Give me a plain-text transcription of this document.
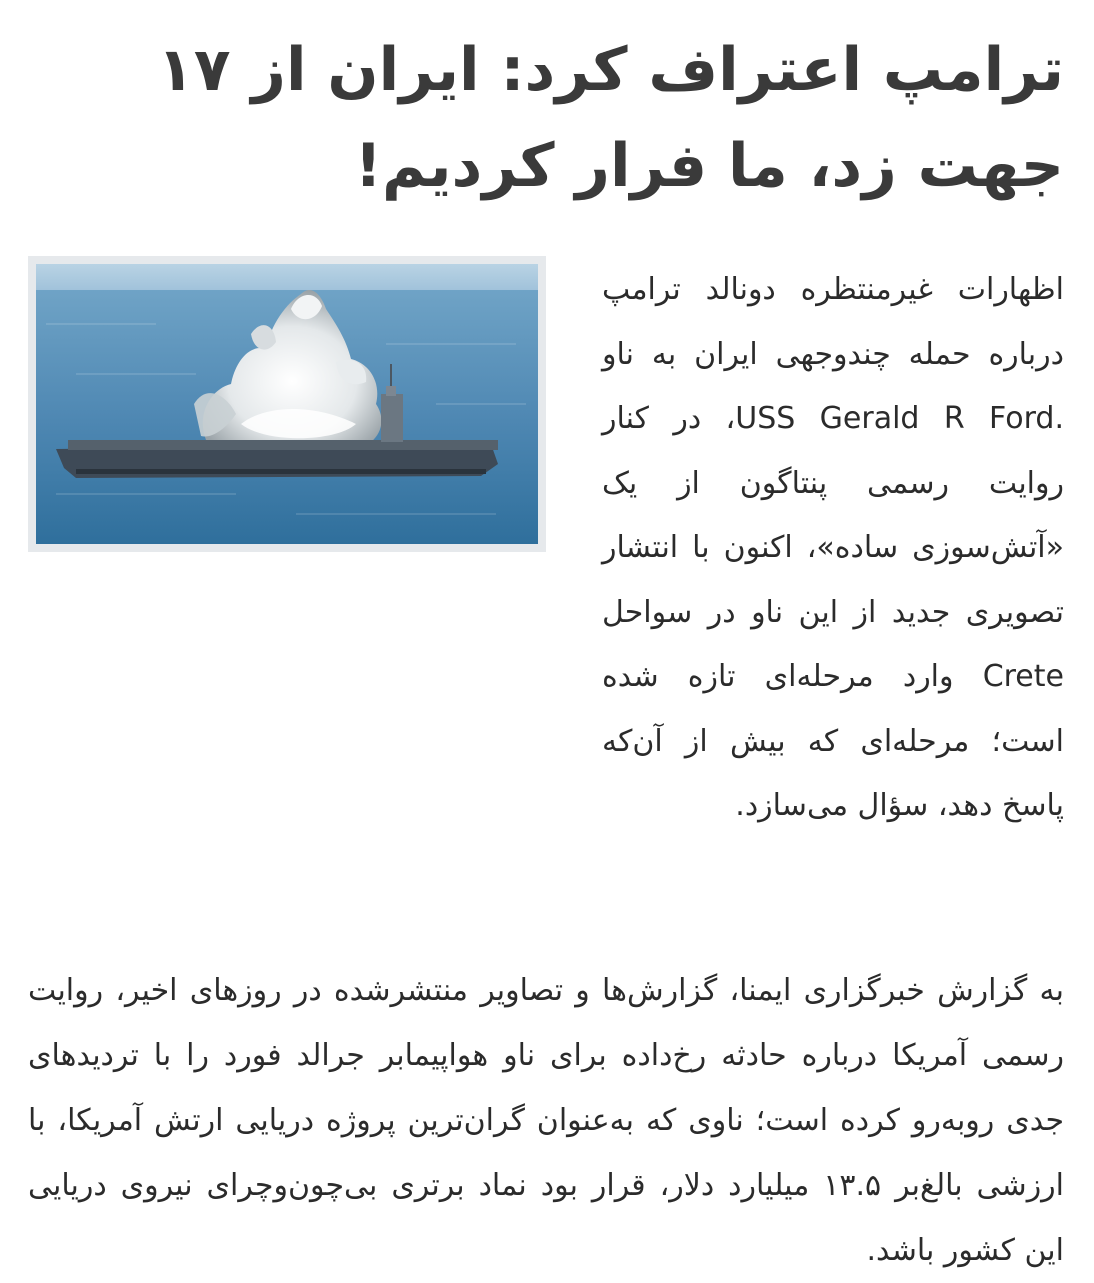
ترامپ اعتراف کرد: ایران از ۱۷ جهت زد، ما فرار کردیم!

اظهارات غیرمنتظره دونالد ترامپ درباره حمله چندوجهی ایران به ناو .USS Gerald R Ford، در کنار روایت رسمی پنتاگون از یک «آتش‌سوزی ساده»، اکنون با انتشار تصویری جدید از این ناو در سواحل Crete وارد مرحله‌ای تازه شده است؛ مرحله‌ای که بیش از آن‌که پاسخ دهد، سؤال می‌سازد.

به گزارش خبرگزاری ایمنا، گزارش‌ها و تصاویر منتشرشده در روزهای اخیر، روایت رسمی آمریکا درباره حادثه رخ‌داده برای ناو هواپیمابر جرالد فورد را با تردیدهای جدی روبه‌رو کرده است؛ ناوی که به‌عنوان گران‌ترین پروژه دریایی ارتش آمریکا، با ارزشی بالغ‌بر ۱۳.۵ میلیارد دلار، قرار بود نماد برتری بی‌چون‌وچرای نیروی دریایی این کشور باشد.
